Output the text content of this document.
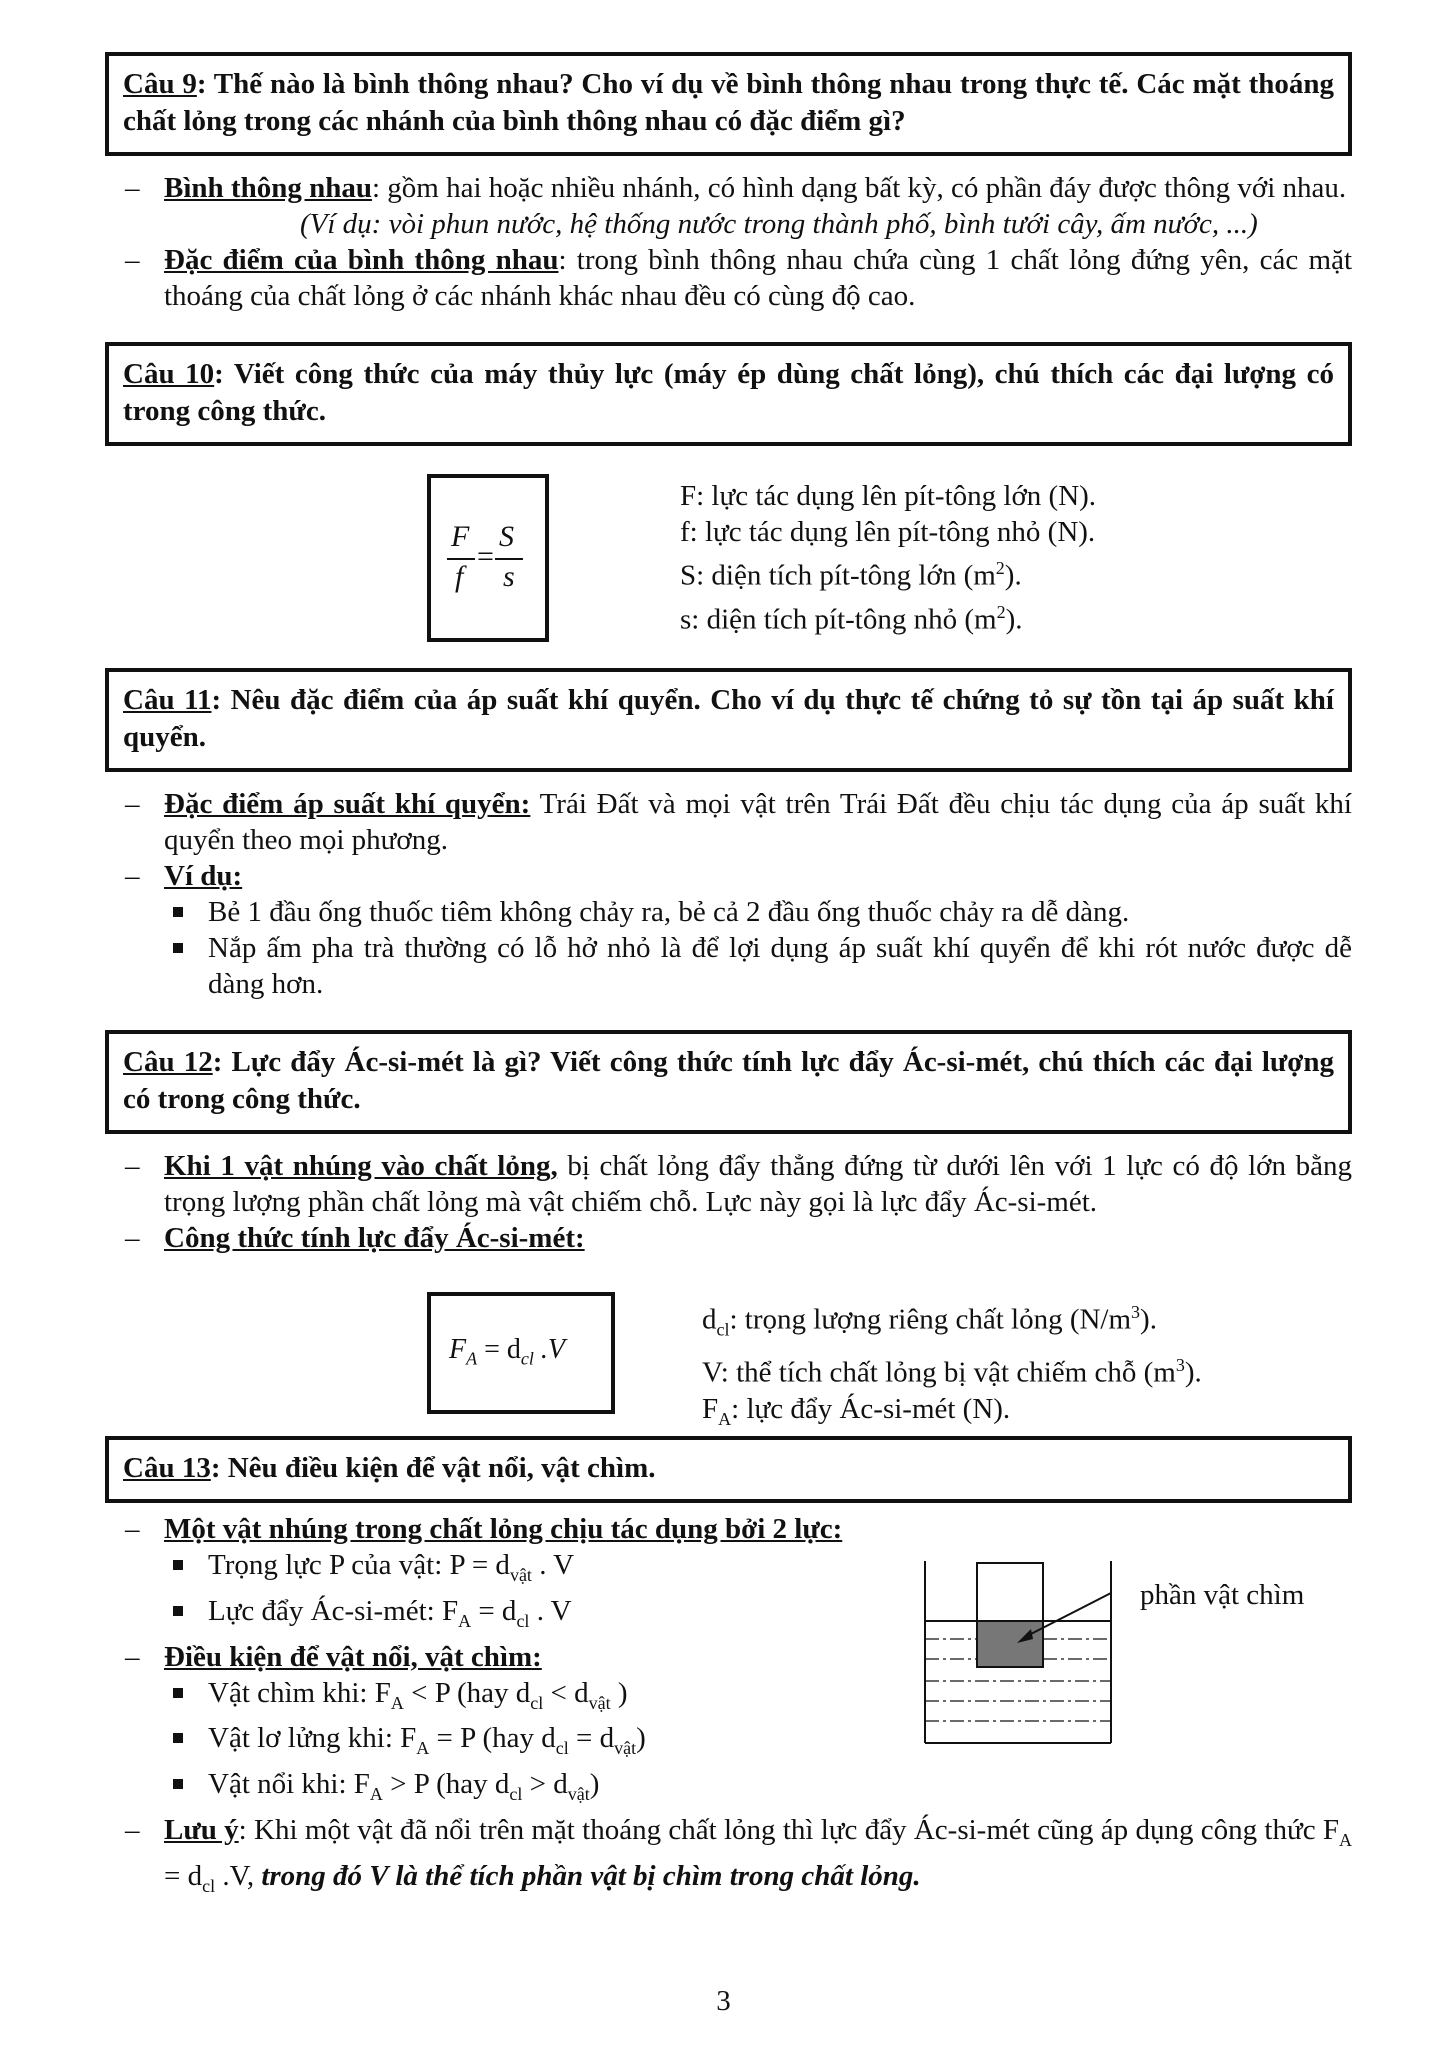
Câu 9: Thế nào là bình thông nhau? Cho ví dụ về bình thông nhau trong thực tế. Các mặt thoáng chất lỏng trong các nhánh của bình thông nhau có đặc điểm gì?
– Bình thông nhau: gồm hai hoặc nhiều nhánh, có hình dạng bất kỳ, có phần đáy được thông với nhau.
(Ví dụ: vòi phun nước, hệ thống nước trong thành phố, bình tưới cây, ấm nước, ...)
– Đặc điểm của bình thông nhau: trong bình thông nhau chứa cùng 1 chất lỏng đứng yên, các mặt thoáng của chất lỏng ở các nhánh khác nhau đều có cùng độ cao.
Câu 10: Viết công thức của máy thủy lực (máy ép dùng chất lỏng), chú thích các đại lượng có trong công thức.
F S
=
f s
F: lực tác dụng lên pít-tông lớn (N).
f: lực tác dụng lên pít-tông nhỏ (N).
S: diện tích pít-tông lớn $(m^2)$.
s: diện tích pít-tông nhỏ $(m^2)$.
Câu 11: Nêu đặc điểm của áp suất khí quyển. Cho ví dụ thực tế chứng tỏ sự tồn tại áp suất khí quyển.
– Đặc điểm áp suất khí quyển: Trái Đất và mọi vật trên Trái Đất đều chịu tác dụng của áp suất khí quyển theo mọi phương.
– Ví dụ:
Bẻ 1 đầu ống thuốc tiêm không chảy ra, bẻ cả 2 đầu ống thuốc chảy ra dễ dàng.
Nắp ấm pha trà thường có lỗ hở nhỏ là để lợi dụng áp suất khí quyển để khi rót nước được dễ dàng hơn.
Câu 12: Lực đẩy Ác-si-mét là gì? Viết công thức tính lực đẩy Ác-si-mét, chú thích các đại lượng có trong công thức.
– Khi 1 vật nhúng vào chất lỏng, bị chất lỏng đẩy thẳng đứng từ dưới lên với 1 lực có độ lớn bằng trọng lượng phần chất lỏng mà vật chiếm chỗ. Lực này gọi là lực đẩy Ác-si-mét.
– Công thức tính lực đẩy Ác-si-mét:
$F_A = d_{cl}$ .V
$d_{cl}$: trọng lượng riêng chất lỏng $(N/m^3)$.
V: thể tích chất lỏng bị vật chiếm chỗ $(m^3)$.
$F_A$: lực đẩy Ác-si-mét (N).
Câu 13: Nêu điều kiện để vật nổi, vật chìm.
– Một vật nhúng trong chất lỏng chịu tác dụng bởi 2 lực:
Trọng lực P của vật: $P = d_{vật}$ . V
Lực đẩy Ác-si-mét: $F_A = d_{cl}$ . V
– Điều kiện để vật nổi, vật chìm:
Vật chìm khi: $F_A < P$ (hay $d_{cl} < d_{vật}$ )
Vật lơ lửng khi: $F_A = P$ (hay $d_{cl} = d_{vật}$)
Vật nổi khi: $F_A > P$ (hay $d_{cl} > d_{vật}$)
– Lưu ý: Khi một vật đã nổi trên mặt thoáng chất lỏng thì lực đẩy Ác-si-mét cũng áp dụng công thức $F_A = d_{cl}$ .V, trong đó V là thể tích phần vật bị chìm trong chất lỏng.
phần vật chìm
3
